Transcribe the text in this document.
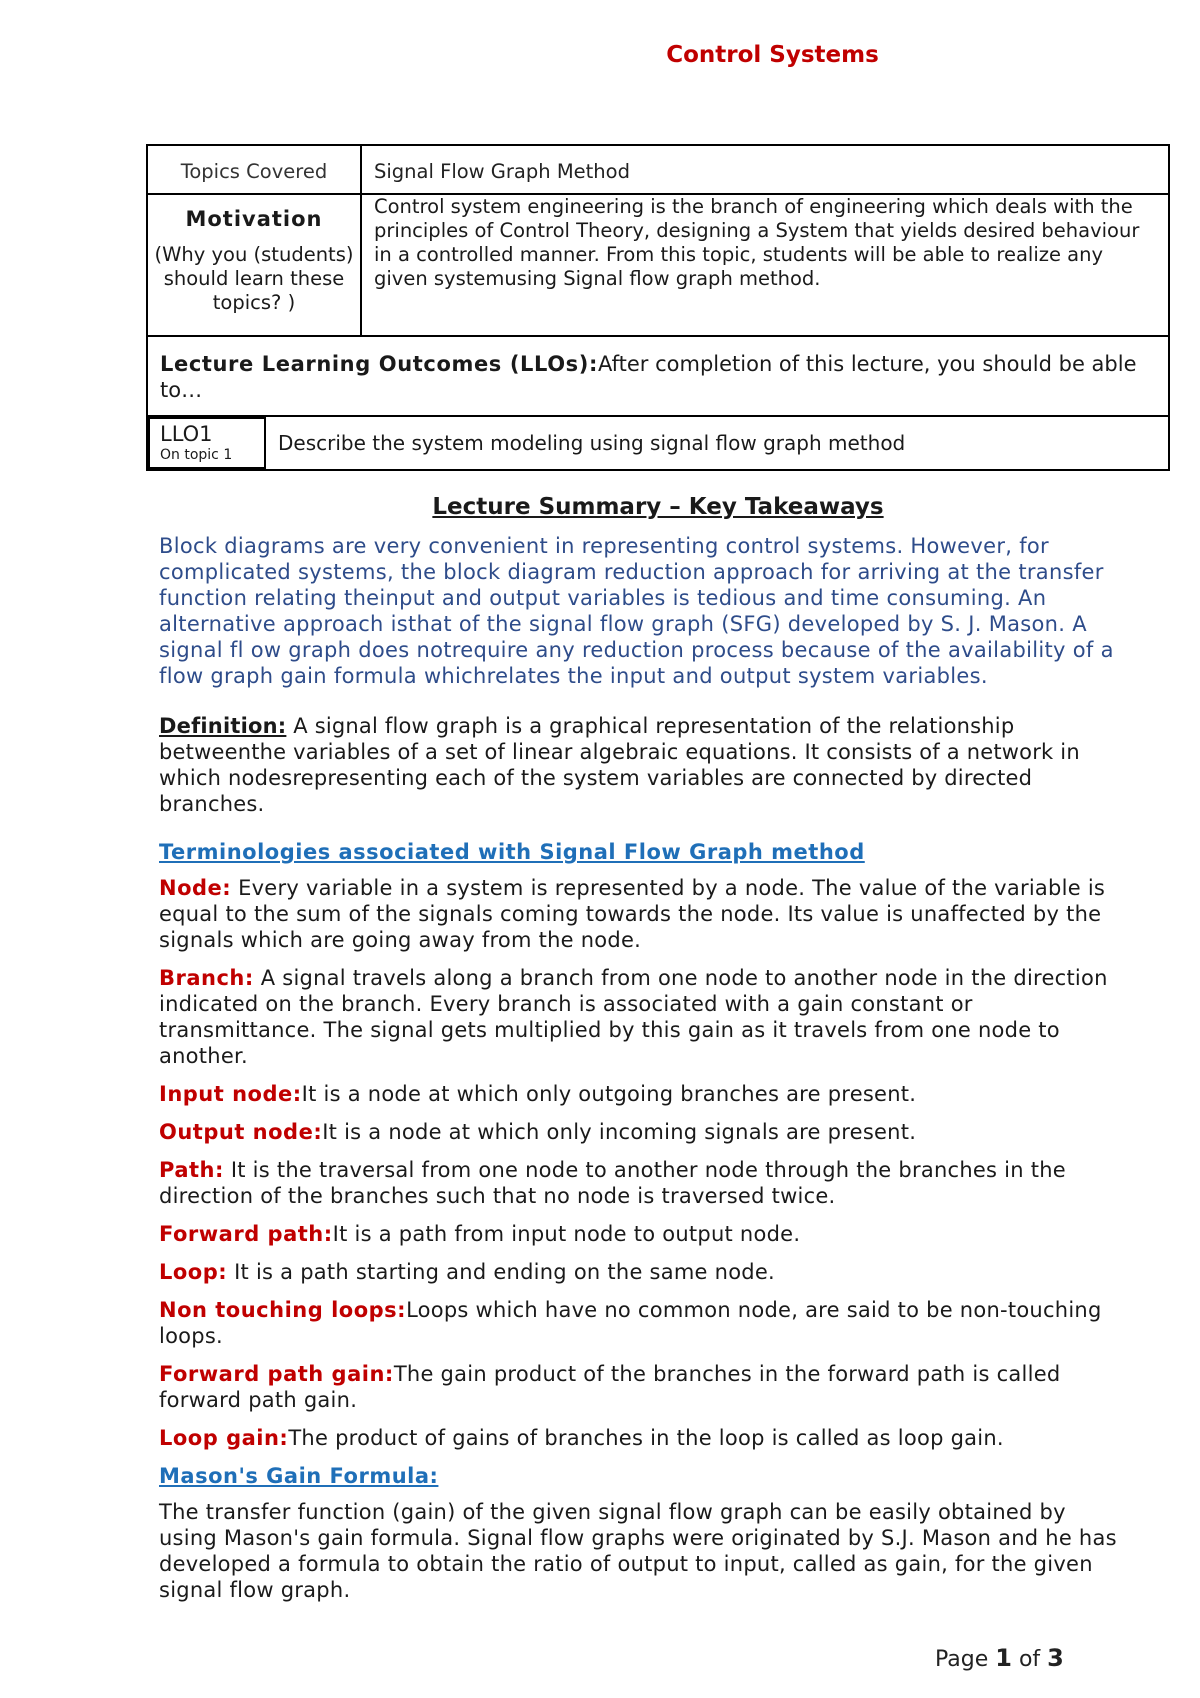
Control Systems
Topics Covered	Signal Flow Graph Method

Motivation
(Why you (students) should learn these topics? )
	Control system engineering is the branch of engineering which deals with the principles of Control Theory, designing a System that yields desired behaviour in a controlled manner. From this topic, students will be able to realize any given systemusing Signal flow graph method.
Lecture Learning Outcomes (LLOs):After completion of this lecture, you should be able to…

LLO1
On topic 1	Describe the system modeling using signal flow graph method
Lecture Summary – Key Takeaways

Block diagrams are very convenient in representing control systems. However, for complicated systems, the block diagram reduction approach for arriving at the transfer function relating theinput and output variables is tedious and time consuming. An alternative approach isthat of the signal flow graph (SFG) developed by S. J. Mason. A signal fl ow graph does notrequire any reduction process because of the availability of a flow graph gain formula whichrelates the input and output system variables.

Definition: A signal flow graph is a graphical representation of the relationship betweenthe variables of a set of linear algebraic equations. It consists of a network in which nodesrepresenting each of the system variables are connected by directed branches.

Terminologies associated with Signal Flow Graph method

Node: Every variable in a system is represented by a node. The value of the variable is equal to the sum of the signals coming towards the node. Its value is unaffected by the signals which are going away from the node.

Branch: A signal travels along a branch from one node to another node in the direction indicated on the branch. Every branch is associated with a gain constant or transmittance. The signal gets multiplied by this gain as it travels from one node to another.

Input node:It is a node at which only outgoing branches are present.

Output node:It is a node at which only incoming signals are present.

Path: It is the traversal from one node to another node through the branches in the direction of the branches such that no node is traversed twice.

Forward path:It is a path from input node to output node.

Loop: It is a path starting and ending on the same node.

Non touching loops:Loops which have no common node, are said to be non-touching loops.

Forward path gain:The gain product of the branches in the forward path is called forward path gain.

Loop gain:The product of gains of branches in the loop is called as loop gain.

Mason's Gain Formula:

The transfer function (gain) of the given signal flow graph can be easily obtained by using Mason's gain formula. Signal flow graphs were originated by S.J. Mason and he has developed a formula to obtain the ratio of output to input, called as gain, for the given signal flow graph.

Page 1 of 3
